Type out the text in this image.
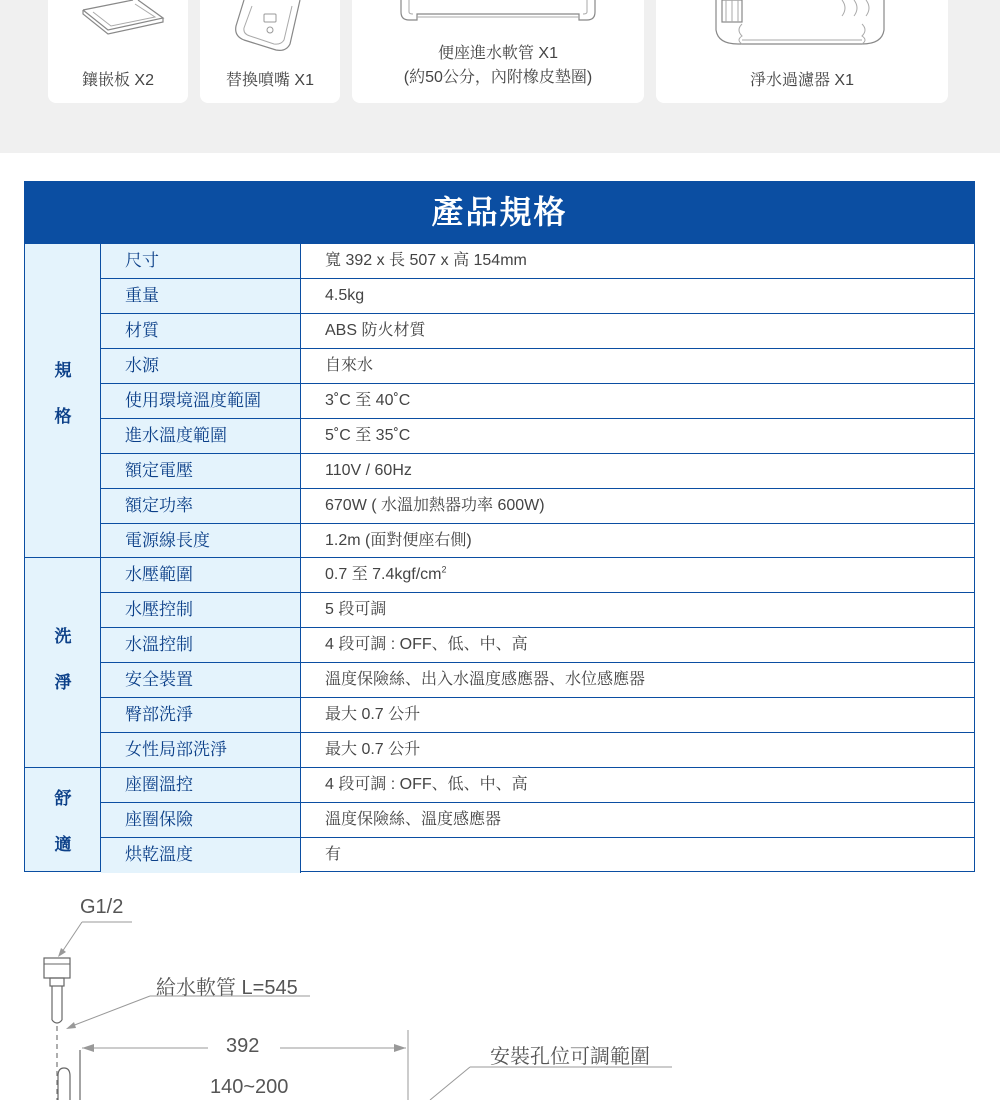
鑲嵌板 X2	替換噴嘴 X1
便座進水軟管 X1
(約50公分，內附橡皮墊圈)	淨水過濾器 X1
產品規格
規
格
尺寸	寬 392 x 長 507 x 高 154mm
重量	4.5kg
材質	ABS 防火材質
水源	自來水
使用環境溫度範圍	3˚C 至 40˚C
進水溫度範圍	5˚C 至 35˚C
額定電壓	110V / 60Hz
額定功率	670W ( 水溫加熱器功率 600W)
電源線長度	1.2m (面對便座右側)
洗
淨
水壓範圍	0.7 至 $7.4kgf/cm^2$
水壓控制	5 段可調
水溫控制	4 段可調 : OFF、低、中、高
安全裝置	溫度保險絲、出入水溫度感應器、水位感應器
臀部洗淨	最大 0.7 公升
女性局部洗淨	最大 0.7 公升
舒
適
座圈溫控	4 段可調 : OFF、低、中、高
座圈保險	溫度保險絲、溫度感應器
烘乾溫度	有
G1/2
給水軟管 L=545
392
140~200
安裝孔位可調範圍
